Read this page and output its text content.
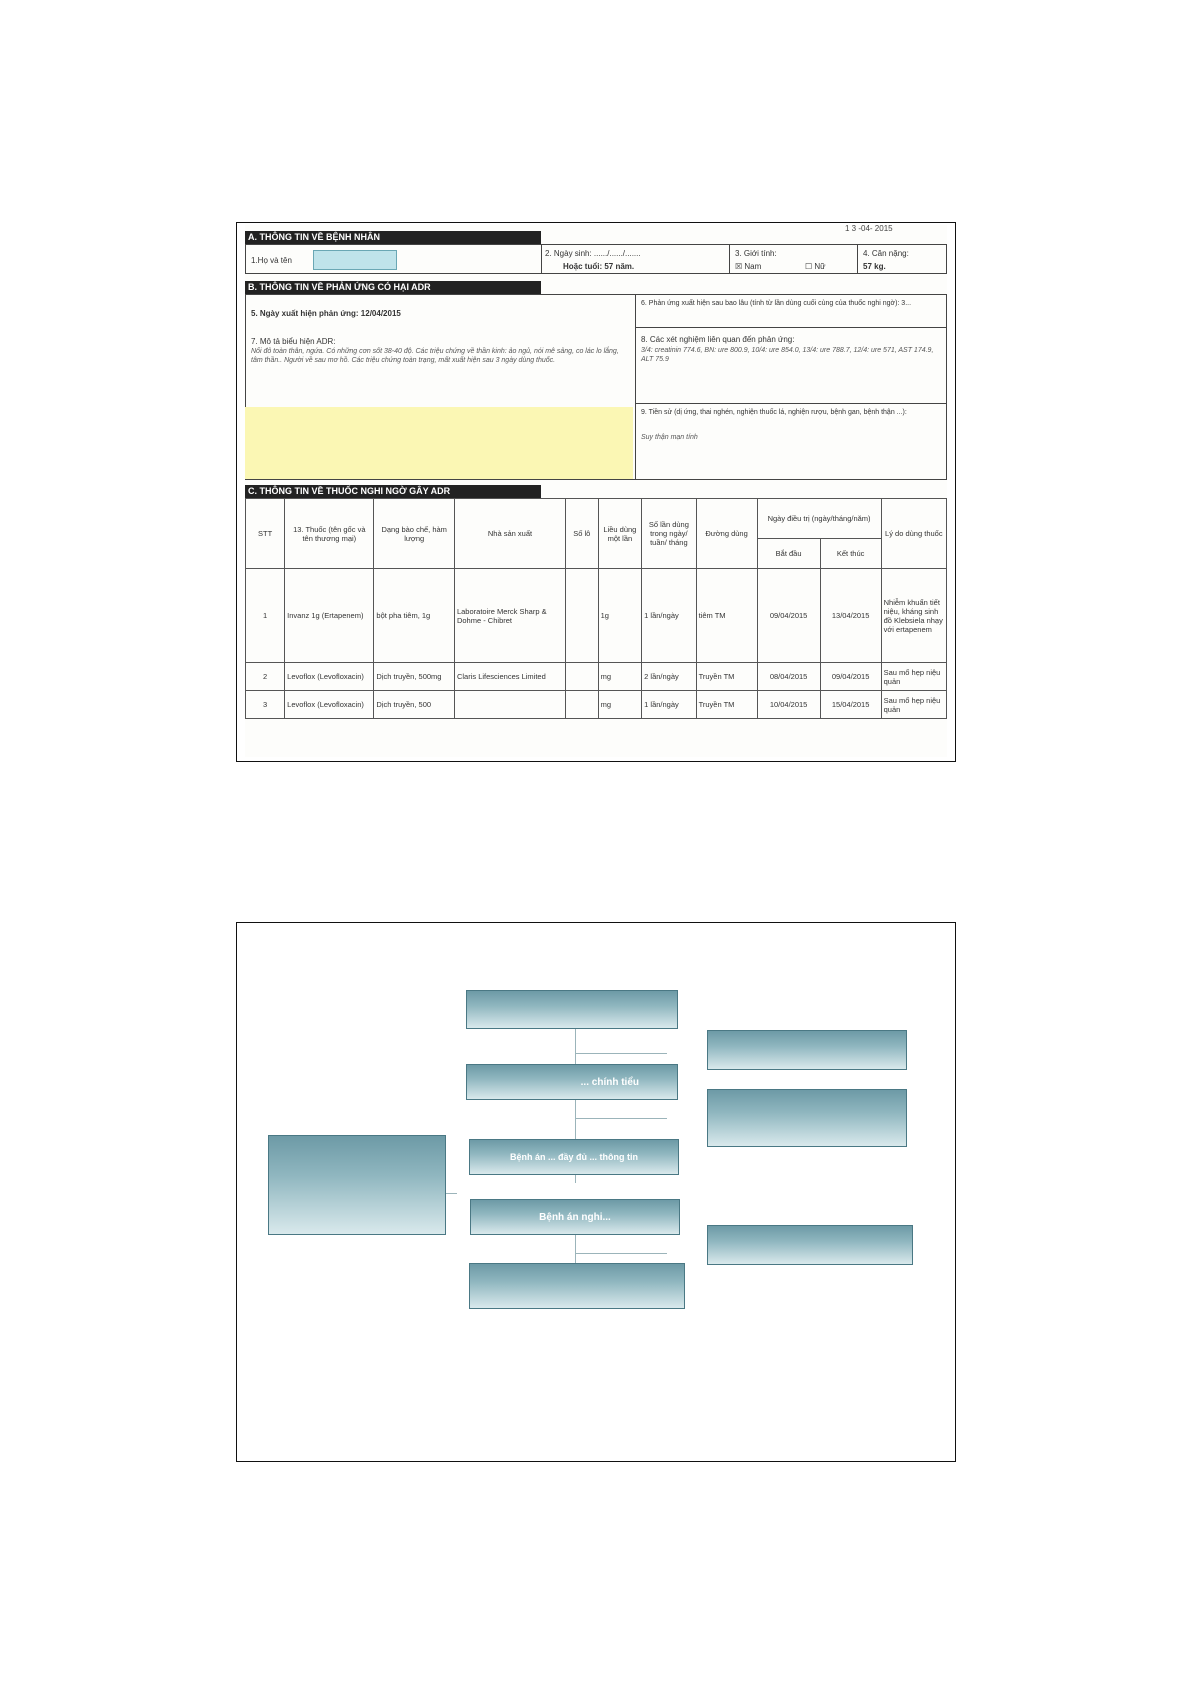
1 3 -04- 2015
A. THÔNG TIN VỀ BỆNH NHÂN
1.Họ và tên
2. Ngày sinh: ....../....../.......
Hoặc tuổi: 57 năm.
3. Giới tính:
☒ Nam	☐ Nữ
4. Cân nặng:
57 kg.
B. THÔNG TIN VỀ PHẢN ỨNG CÓ HẠI ADR
5. Ngày xuất hiện phản ứng: 12/04/2015
6. Phản ứng xuất hiện sau bao lâu (tính từ lần dùng cuối cùng của thuốc nghi ngờ): 3...
7. Mô tả biểu hiện ADR:
Nổi đỏ toàn thân, ngứa. Có những cơn sốt 38-40 độ. Các triệu chứng về thần kinh: ảo ngủ, nói mê sảng, co lác lo lắng, tâm thần.. Người về sau mơ hồ. Các triệu chứng toàn trạng, mất xuất hiện sau 3 ngày dùng thuốc.
8. Các xét nghiệm liên quan đến phản ứng:
3/4: creatinin 774.6, BN: ure 800.9, 10/4: ure 854.0, 13/4: ure 788.7, 12/4: ure 571, AST 174.9, ALT 75.9
9. Tiền sử (dị ứng, thai nghén, nghiện thuốc lá, nghiện rượu, bệnh gan, bệnh thận ...):
Suy thận mạn tính
C. THÔNG TIN VỀ THUỐC NGHI NGỜ GÂY ADR
STT	13. Thuốc (tên gốc và tên thương mại)	Dạng bào chế, hàm lượng	Nhà sản xuất	Số lô	Liều dùng một lần	Số lần dùng trong ngày/ tuần/ tháng	Đường dùng	Ngày điều trị (ngày/tháng/năm)		Lý do dùng thuốc
								Bắt đầu	Kết thúc	
1	Invanz 1g (Ertapenem)	bột pha tiêm, 1g	Laboratoire Merck Sharp & Dohme - Chibret		1g	1 lần/ngày	tiêm TM	09/04/2015	13/04/2015	Nhiễm khuẩn tiết niệu, kháng sinh đồ Klebsiela nhạy với ertapenem
2	Levoflox (Levofloxacin)	Dịch truyền, 500mg	Claris Lifesciences Limited		mg	2 lần/ngày	Truyền TM	08/04/2015	09/04/2015	Sau mổ hẹp niệu quản
3	Levoflox (Levofloxacin)	Dịch truyền, 500			mg	1 lần/ngày	Truyền TM	10/04/2015	15/04/2015	Sau mổ hẹp niệu quản
... chính tiểu
Bệnh án ... đầy đủ ... thông tin
Bệnh án nghi...
